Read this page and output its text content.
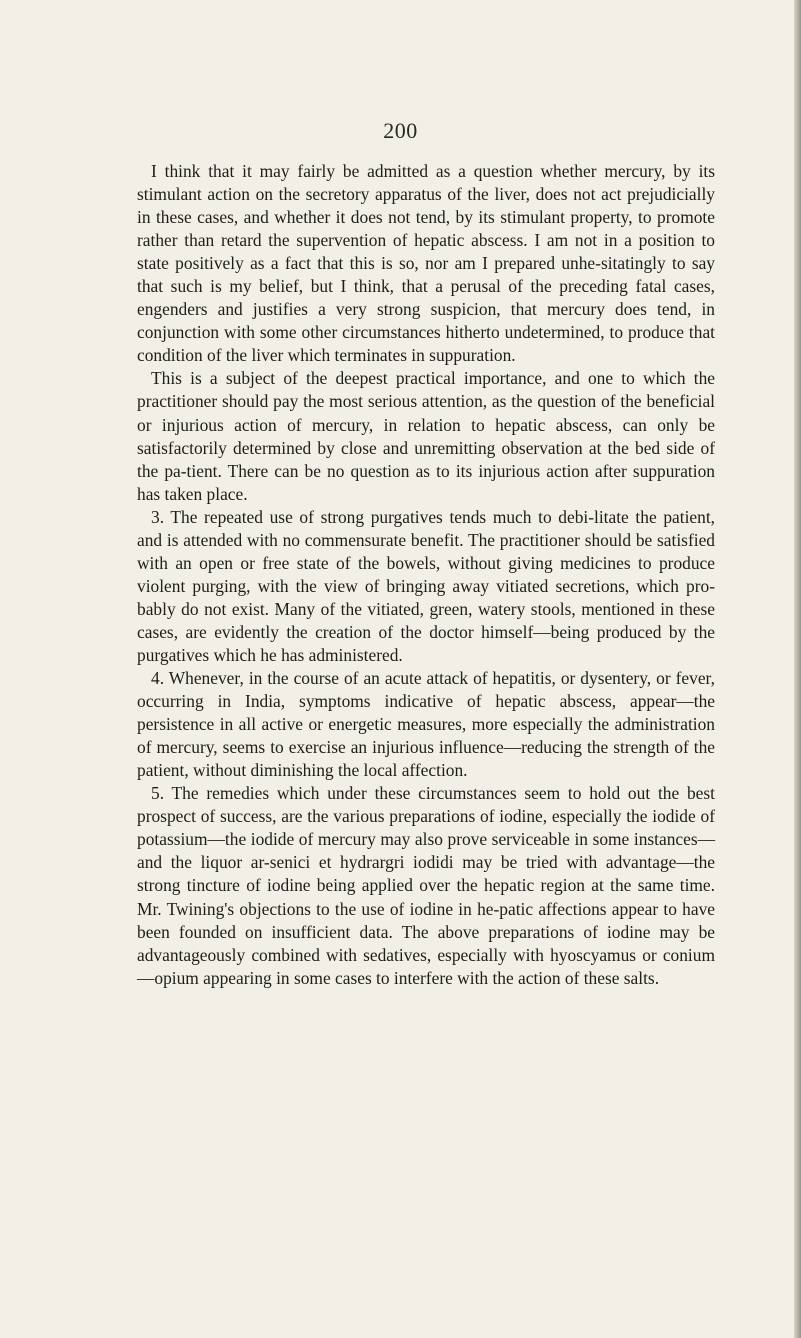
200

I think that it may fairly be admitted as a question whether mercury, by its stimulant action on the secretory apparatus of the liver, does not act prejudicially in these cases, and whether it does not tend, by its stimulant property, to promote rather than retard the supervention of hepatic abscess. I am not in a position to state positively as a fact that this is so, nor am I prepared unhe-sitatingly to say that such is my belief, but I think, that a perusal of the preceding fatal cases, engenders and justifies a very strong suspicion, that mercury does tend, in conjunction with some other circumstances hitherto undetermined, to produce that condition of the liver which terminates in suppuration.

This is a subject of the deepest practical importance, and one to which the practitioner should pay the most serious attention, as the question of the beneficial or injurious action of mercury, in relation to hepatic abscess, can only be satisfactorily determined by close and unremitting observation at the bed side of the pa-tient. There can be no question as to its injurious action after suppuration has taken place.

3. The repeated use of strong purgatives tends much to debi-litate the patient, and is attended with no commensurate benefit. The practitioner should be satisfied with an open or free state of the bowels, without giving medicines to produce violent purging, with the view of bringing away vitiated secretions, which pro-bably do not exist. Many of the vitiated, green, watery stools, mentioned in these cases, are evidently the creation of the doctor himself—being produced by the purgatives which he has administered.

4. Whenever, in the course of an acute attack of hepatitis, or dysentery, or fever, occurring in India, symptoms indicative of hepatic abscess, appear—the persistence in all active or energetic measures, more especially the administration of mercury, seems to exercise an injurious influence—reducing the strength of the patient, without diminishing the local affection.

5. The remedies which under these circumstances seem to hold out the best prospect of success, are the various preparations of iodine, especially the iodide of potassium—the iodide of mercury may also prove serviceable in some instances—and the liquor ar-senici et hydrargri iodidi may be tried with advantage—the strong tincture of iodine being applied over the hepatic region at the same time. Mr. Twining's objections to the use of iodine in he-patic affections appear to have been founded on insufficient data. The above preparations of iodine may be advantageously combined with sedatives, especially with hyoscyamus or conium—opium appearing in some cases to interfere with the action of these salts.
